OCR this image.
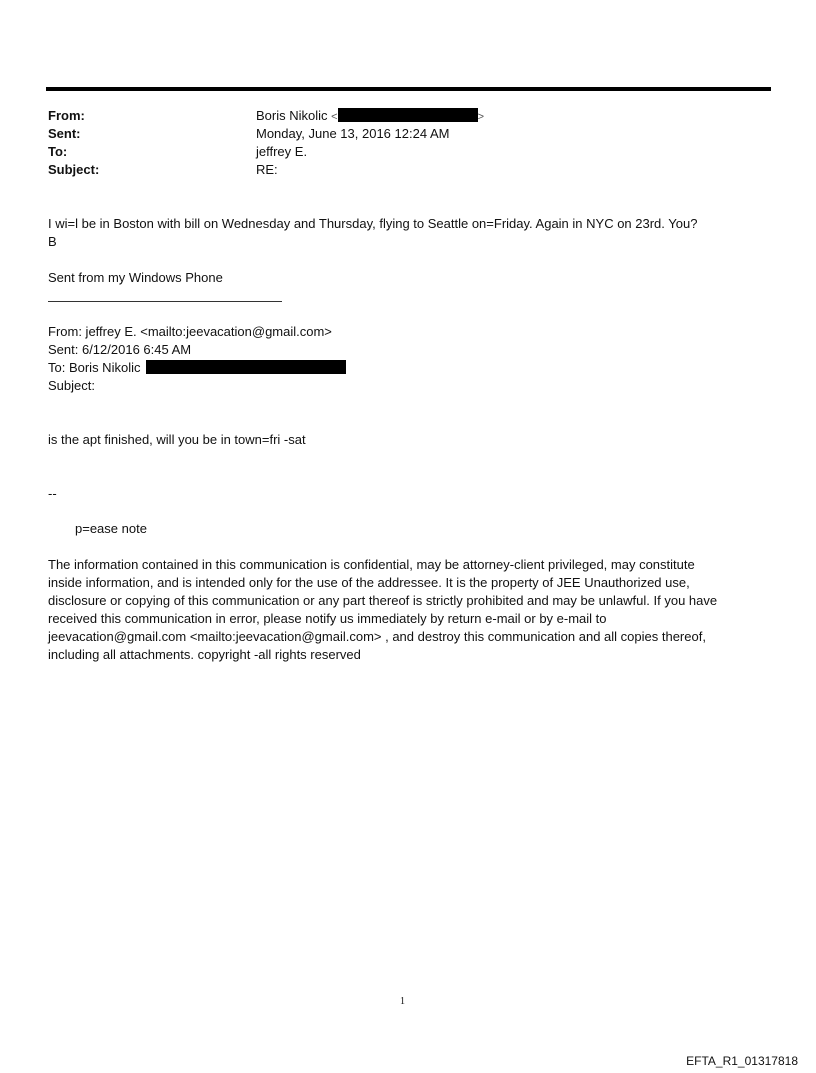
From:	Boris Nikolic <	>
Sent:	Monday, June 13, 2016 12:24 AM
To:	jeffrey E.
Subject:	RE:
I wi=l be in Boston with bill on Wednesday and Thursday, flying to Seattle on=Friday. Again in NYC on 23rd. You?
B
Sent from my Windows Phone
From: jeffrey E. <mailto:jeevacation@gmail.com>
Sent: 6/12/2016 6:45 AM
To: Boris Nikolic
Subject:
is the apt finished, will you be in town=fri -sat
--
p=ease note
The information contained in this communication is confidential, may be attorney-client privileged, may constitute
inside information, and is intended only for the use of the addressee. It is the property of JEE Unauthorized use,
disclosure or copying of this communication or any part thereof is strictly prohibited and may be unlawful. If you have
received this communication in error, please notify us immediately by return e-mail or by e-mail to
jeevacation@gmail.com <mailto:jeevacation@gmail.com> , and destroy this communication and all copies thereof,
including all attachments. copyright -all rights reserved
1
EFTA_R1_01317818
